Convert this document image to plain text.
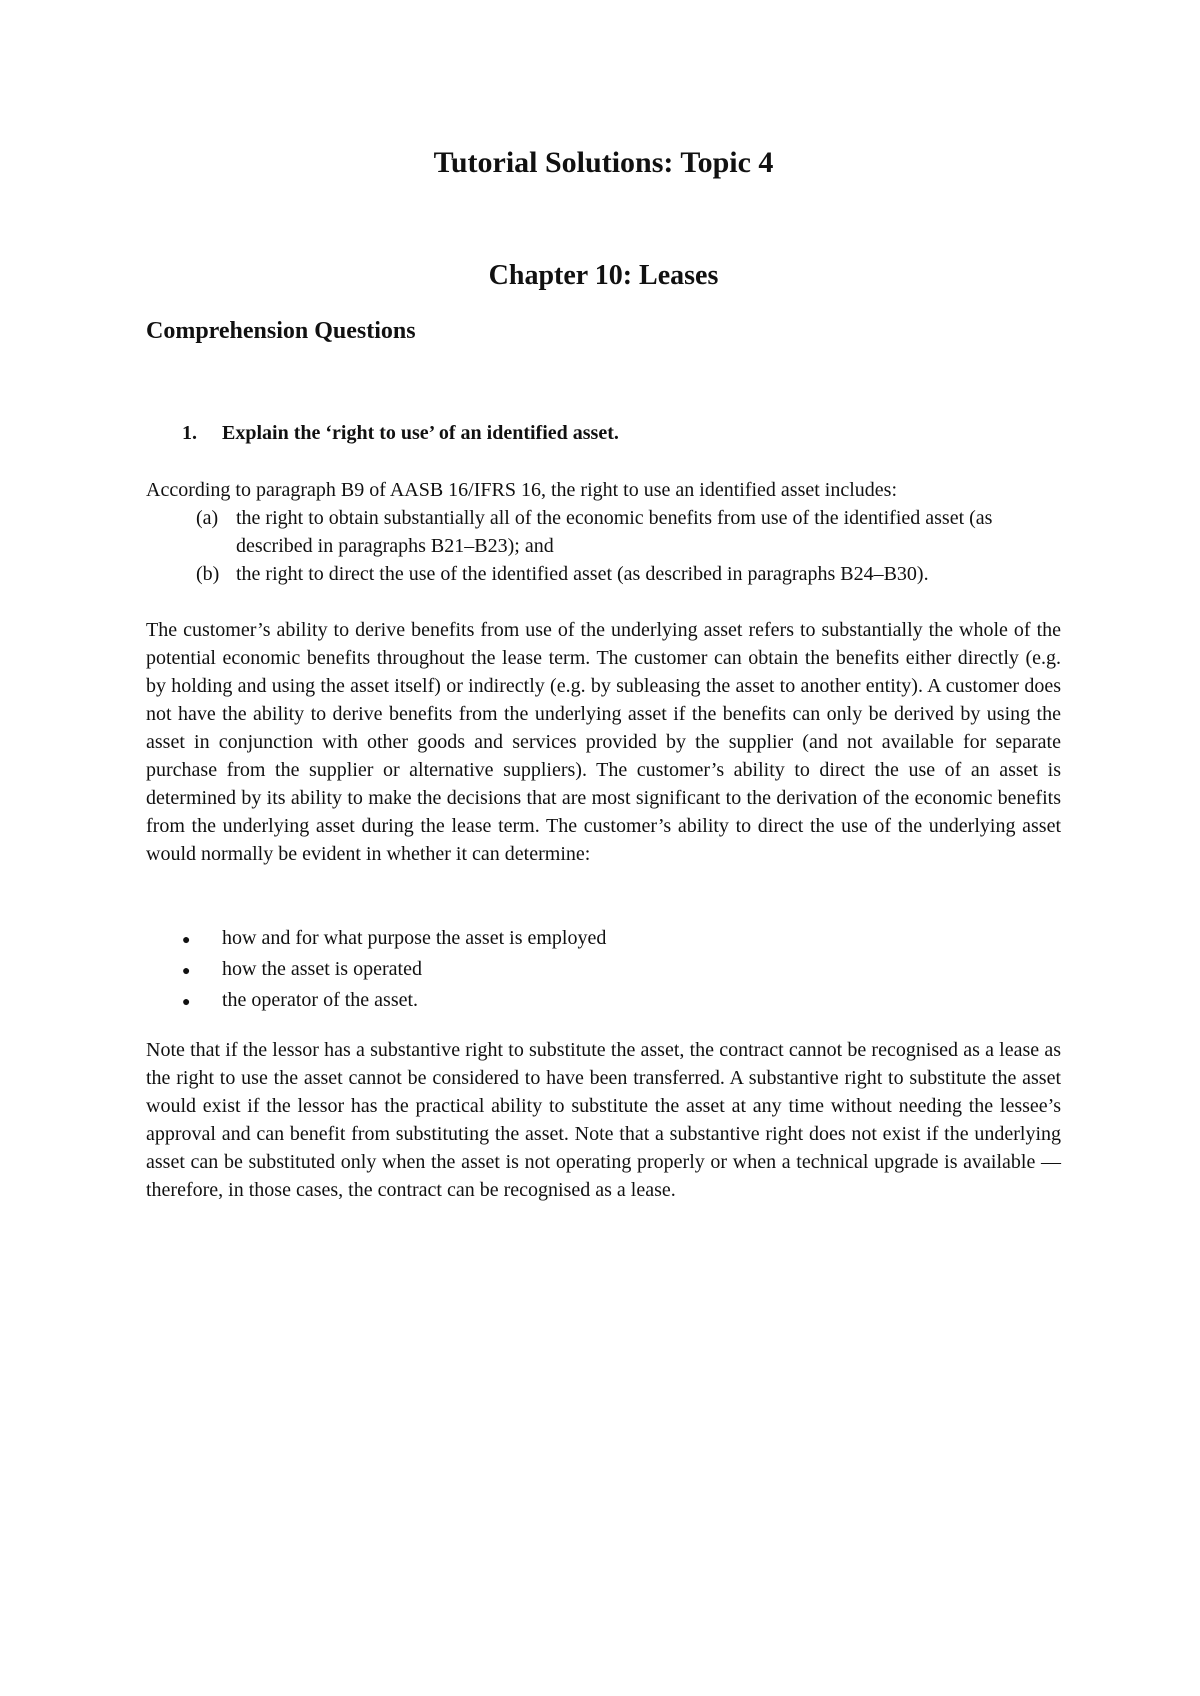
Tutorial Solutions: Topic 4
Chapter 10: Leases
Comprehension Questions
1.	Explain the ‘right to use’ of an identified asset.

According to paragraph B9 of AASB 16/IFRS 16, the right to use an identified asset includes:

(a) the right to obtain substantially all of the economic benefits from use of the identified asset (as described in paragraphs B21–B23); and
(b) the right to direct the use of the identified asset (as described in paragraphs B24–B30).

The customer’s ability to derive benefits from use of the underlying asset refers to substantially the whole of the potential economic benefits throughout the lease term. The customer can obtain the benefits either directly (e.g. by holding and using the asset itself) or indirectly (e.g. by subleasing the asset to another entity). A customer does not have the ability to derive benefits from the underlying asset if the benefits can only be derived by using the asset in conjunction with other goods and services provided by the supplier (and not available for separate purchase from the supplier or alternative suppliers). The customer’s ability to direct the use of an asset is determined by its ability to make the decisions that are most significant to the derivation of the economic benefits from the underlying asset during the lease term. The customer’s ability to direct the use of the underlying asset would normally be evident in whether it can determine:

●	how and for what purpose the asset is employed
●	how the asset is operated
●	the operator of the asset.

Note that if the lessor has a substantive right to substitute the asset, the contract cannot be recognised as a lease as the right to use the asset cannot be considered to have been transferred. A substantive right to substitute the asset would exist if the lessor has the practical ability to substitute the asset at any time without needing the lessee’s approval and can benefit from substituting the asset. Note that a substantive right does not exist if the underlying asset can be substituted only when the asset is not operating properly or when a technical upgrade is available — therefore, in those cases, the contract can be recognised as a lease.
